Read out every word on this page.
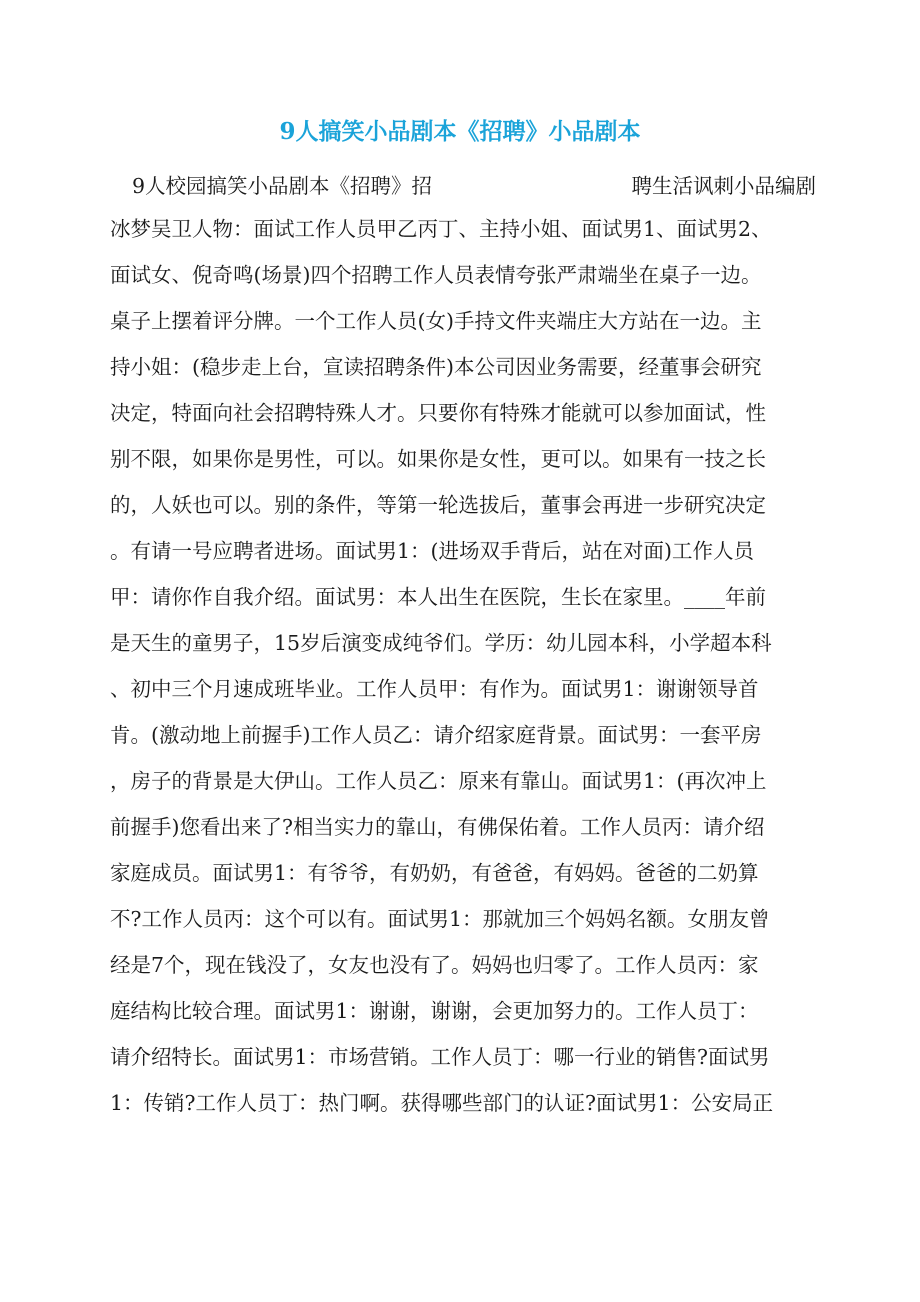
9人搞笑小品剧本《招聘》小品剧本
9人校园搞笑小品剧本《招聘》招	聘生活讽刺小品编剧
冰梦吴卫人物：面试工作人员甲乙丙丁、主持小姐、面试男1、面试男2、
面试女、倪奇鸣(场景)四个招聘工作人员表情夸张严肃端坐在桌子一边。
桌子上摆着评分牌。一个工作人员(女)手持文件夹端庄大方站在一边。主
持小姐：(稳步走上台，宣读招聘条件)本公司因业务需要，经董事会研究
决定，特面向社会招聘特殊人才。只要你有特殊才能就可以参加面试，性
别不限，如果你是男性，可以。如果你是女性，更可以。如果有一技之长
的，人妖也可以。别的条件，等第一轮选拔后，董事会再进一步研究决定
。有请一号应聘者进场。面试男1：(进场双手背后，站在对面)工作人员
甲：请你作自我介绍。面试男：本人出生在医院，生长在家里。____年前
是天生的童男子，15岁后演变成纯爷们。学历：幼儿园本科，小学超本科
、初中三个月速成班毕业。工作人员甲：有作为。面试男1：谢谢领导首
肯。(激动地上前握手)工作人员乙：请介绍家庭背景。面试男：一套平房
，房子的背景是大伊山。工作人员乙：原来有靠山。面试男1：(再次冲上
前握手)您看出来了?相当实力的靠山，有佛保佑着。工作人员丙：请介绍
家庭成员。面试男1：有爷爷，有奶奶，有爸爸，有妈妈。爸爸的二奶算
不?工作人员丙：这个可以有。面试男1：那就加三个妈妈名额。女朋友曾
经是7个，现在钱没了，女友也没有了。妈妈也归零了。工作人员丙：家
庭结构比较合理。面试男1：谢谢，谢谢，会更加努力的。工作人员丁：
请介绍特长。面试男1：市场营销。工作人员丁：哪一行业的销售?面试男
1：传销?工作人员丁：热门啊。获得哪些部门的认证?面试男1：公安局正
